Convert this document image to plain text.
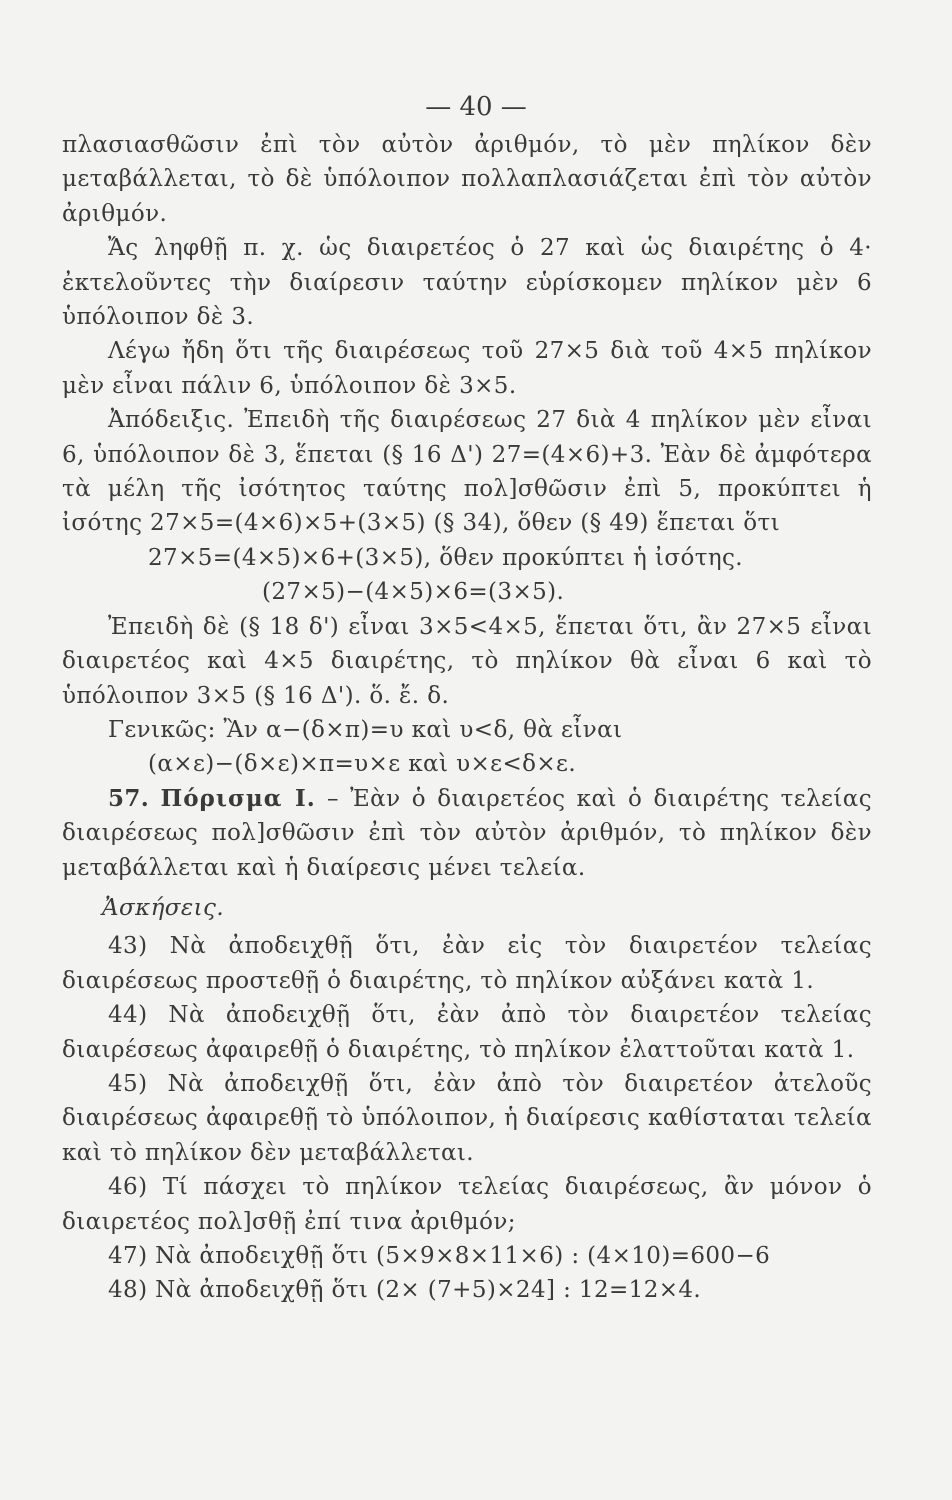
— 40 —

πλασιασθῶσιν ἐπὶ τὸν αὐτὸν ἀριθμόν, τὸ μὲν πηλίκον δὲν μεταβάλλεται, τὸ δὲ ὑπόλοιπον πολλαπλασιάζεται ἐπὶ τὸν αὐτὸν ἀριθμόν.

Ἄς ληφθῇ π. χ. ὡς διαιρετέος ὁ 27 καὶ ὡς διαιρέτης ὁ 4· ἐκτελοῦντες τὴν διαίρεσιν ταύτην εὑρίσκομεν πηλίκον μὲν 6 ὑπόλοιπον δὲ 3.

Λέγω ἤδη ὅτι τῆς διαιρέσεως τοῦ 27×5 διὰ τοῦ 4×5 πηλίκον μὲν εἶναι πάλιν 6, ὑπόλοιπον δὲ 3×5.

Ἀπόδειξις. Ἐπειδὴ τῆς διαιρέσεως 27 διὰ 4 πηλίκον μὲν εἶναι 6, ὑπόλοιπον δὲ 3, ἕπεται (§ 16 Δ') 27=(4×6)+3. Ἐὰν δὲ ἀμφότερα τὰ μέλη τῆς ἰσότητος ταύτης πολ]σθῶσιν ἐπὶ 5, προκύπτει ἡ ἰσότης 27×5=(4×6)×5+(3×5) (§ 34), ὅθεν (§ 49) ἕπεται ὅτι

27×5=(4×5)×6+(3×5), ὅθεν προκύπτει ἡ ἰσότης.

(27×5)−(4×5)×6=(3×5).

Ἐπειδὴ δὲ (§ 18 δ') εἶναι 3×5<4×5, ἕπεται ὅτι, ἂν 27×5 εἶναι διαιρετέος καὶ 4×5 διαιρέτης, τὸ πηλίκον θὰ εἶναι 6 καὶ τὸ ὑπόλοιπον 3×5 (§ 16 Δ'). ὅ. ἔ. δ.

Γενικῶς: Ἂν α−(δ×π)=υ καὶ υ<δ, θὰ εἶναι

(α×ε)−(δ×ε)×π=υ×ε καὶ υ×ε<δ×ε.

57. Πόρισμα I. – Ἐὰν ὁ διαιρετέος καὶ ὁ διαιρέτης τελείας διαιρέσεως πολ]σθῶσιν ἐπὶ τὸν αὐτὸν ἀριθμόν, τὸ πηλίκον δὲν μεταβάλλεται καὶ ἡ διαίρεσις μένει τελεία.

Ἀσκήσεις.

43) Νὰ ἀποδειχθῇ ὅτι, ἐὰν εἰς τὸν διαιρετέον τελείας διαιρέσεως προστεθῇ ὁ διαιρέτης, τὸ πηλίκον αὐξάνει κατὰ 1.

44) Νὰ ἀποδειχθῇ ὅτι, ἐὰν ἀπὸ τὸν διαιρετέον τελείας διαιρέσεως ἀφαιρεθῇ ὁ διαιρέτης, τὸ πηλίκον ἐλαττοῦται κατὰ 1.

45) Νὰ ἀποδειχθῇ ὅτι, ἐὰν ἀπὸ τὸν διαιρετέον ἀτελοῦς διαιρέσεως ἀφαιρεθῇ τὸ ὑπόλοιπον, ἡ διαίρεσις καθίσταται τελεία καὶ τὸ πηλίκον δὲν μεταβάλλεται.

46) Τί πάσχει τὸ πηλίκον τελείας διαιρέσεως, ἂν μόνον ὁ διαιρετέος πολ]σθῇ ἐπί τινα ἀριθμόν;

47) Νὰ ἀποδειχθῇ ὅτι (5×9×8×11×6) : (4×10)=600−6

48) Νὰ ἀποδειχθῇ ὅτι (2× (7+5)×24] : 12=12×4.
